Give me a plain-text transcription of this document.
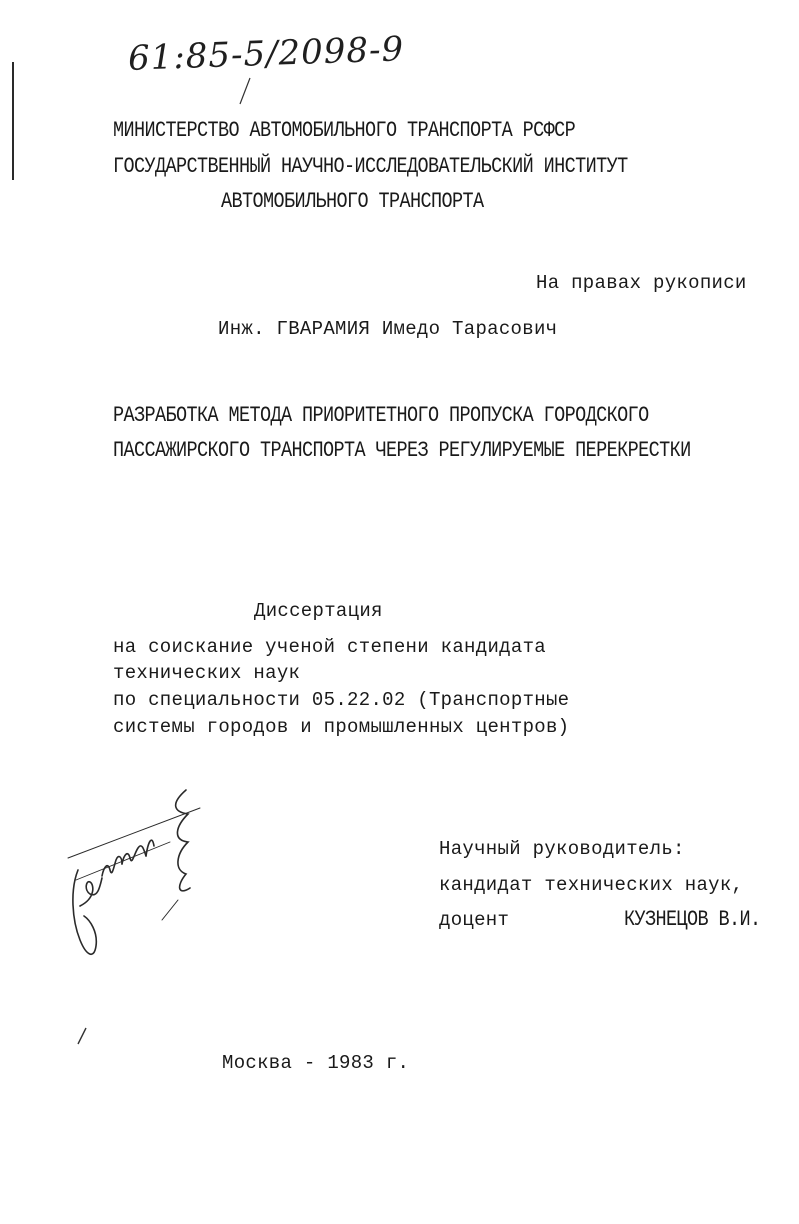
61:85-5/2098-9
МИНИСТЕРСТВО АВТОМОБИЛЬНОГО ТРАНСПОРТА РСФСР
ГОСУДАРСТВЕННЫЙ НАУЧНО-ИССЛЕДОВАТЕЛЬСКИЙ ИНСТИТУТ
АВТОМОБИЛЬНОГО ТРАНСПОРТА
На правах рукописи
Инж. ГВАРАМИЯ Имедо Тарасович
РАЗРАБОТКА МЕТОДА ПРИОРИТЕТНОГО ПРОПУСКА ГОРОДСКОГО
ПАССАЖИРСКОГО ТРАНСПОРТА ЧЕРЕЗ РЕГУЛИРУЕМЫЕ ПЕРЕКРЕСТКИ
Диссертация
на соискание ученой степени кандидата
технических наук
по специальности 05.22.02 (Транспортные
системы городов и промышленных центров)
Научный руководитель:
кандидат технических наук,
доцент	КУЗНЕЦОВ В.И.
Москва - 1983 г.
